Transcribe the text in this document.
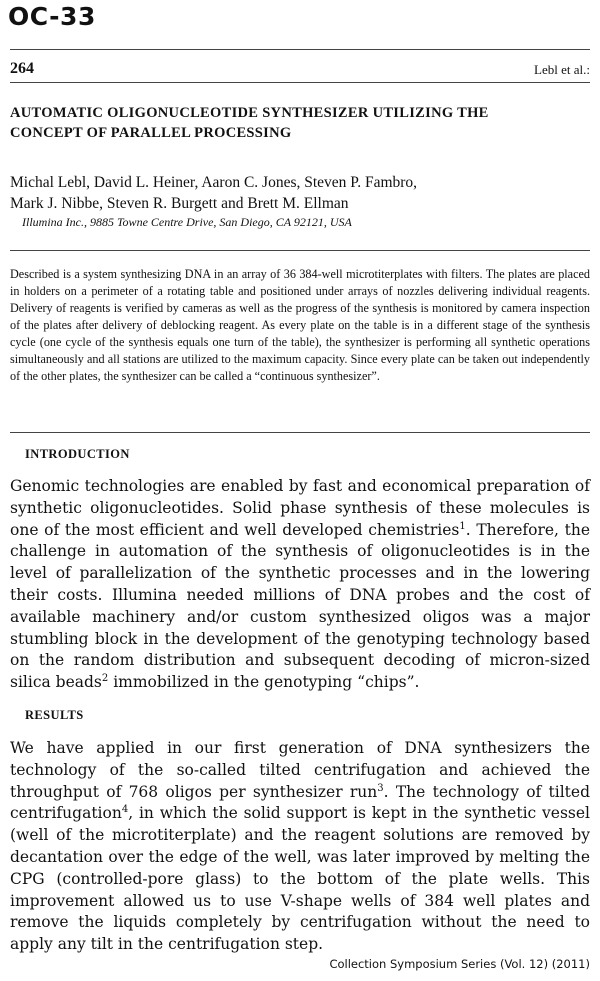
OC-33
264	Lebl et al.:
AUTOMATIC OLIGONUCLEOTIDE SYNTHESIZER UTILIZING THE
CONCEPT OF PARALLEL PROCESSING
Michal Lebl, David L. Heiner, Aaron C. Jones, Steven P. Fambro,
Mark J. Nibbe, Steven R. Burgett and Brett M. Ellman
Illumina Inc., 9885 Towne Centre Drive, San Diego, CA 92121, USA
Described is a system synthesizing DNA in an array of 36 384-well microtiterplates with filters. The plates are placed in holders on a perimeter of a rotating table and positioned under arrays of nozzles delivering individual reagents. Delivery of reagents is verified by cameras as well as the progress of the synthesis is monitored by camera inspection of the plates after delivery of deblocking reagent. As every plate on the table is in a different stage of the synthesis cycle (one cycle of the synthesis equals one turn of the table), the synthesizer is performing all synthetic operations simultaneously and all stations are utilized to the maximum capacity. Since every plate can be taken out independently of the other plates, the synthesizer can be called a “continuous synthesizer”.
INTRODUCTION
Genomic technologies are enabled by fast and economical preparation of synthetic oligonucleotides. Solid phase synthesis of these molecules is one of the most efficient and well developed chemistries$^1$. Therefore, the challenge in automation of the synthesis of oligonucleotides is in the level of parallelization of the synthetic processes and in the lowering their costs. Illumina needed millions of DNA probes and the cost of available machinery and/or custom synthesized oligos was a major stumbling block in the development of the genotyping technology based on the random distribution and subsequent decoding of micron-sized silica beads$^2$ immobilized in the genotyping “chips”.
RESULTS
We have applied in our first generation of DNA synthesizers the technology of the so-called tilted centrifugation and achieved the throughput of 768 oligos per synthesizer run$^3$. The technology of tilted centrifugation$^4$, in which the solid support is kept in the synthetic vessel (well of the microtiterplate) and the reagent solutions are removed by decantation over the edge of the well, was later improved by melting the CPG (controlled-pore glass) to the bottom of the plate wells. This improvement allowed us to use V-shape wells of 384 well plates and remove the liquids completely by centrifugation without the need to apply any tilt in the centrifugation step.
Collection Symposium Series (Vol. 12) (2011)
